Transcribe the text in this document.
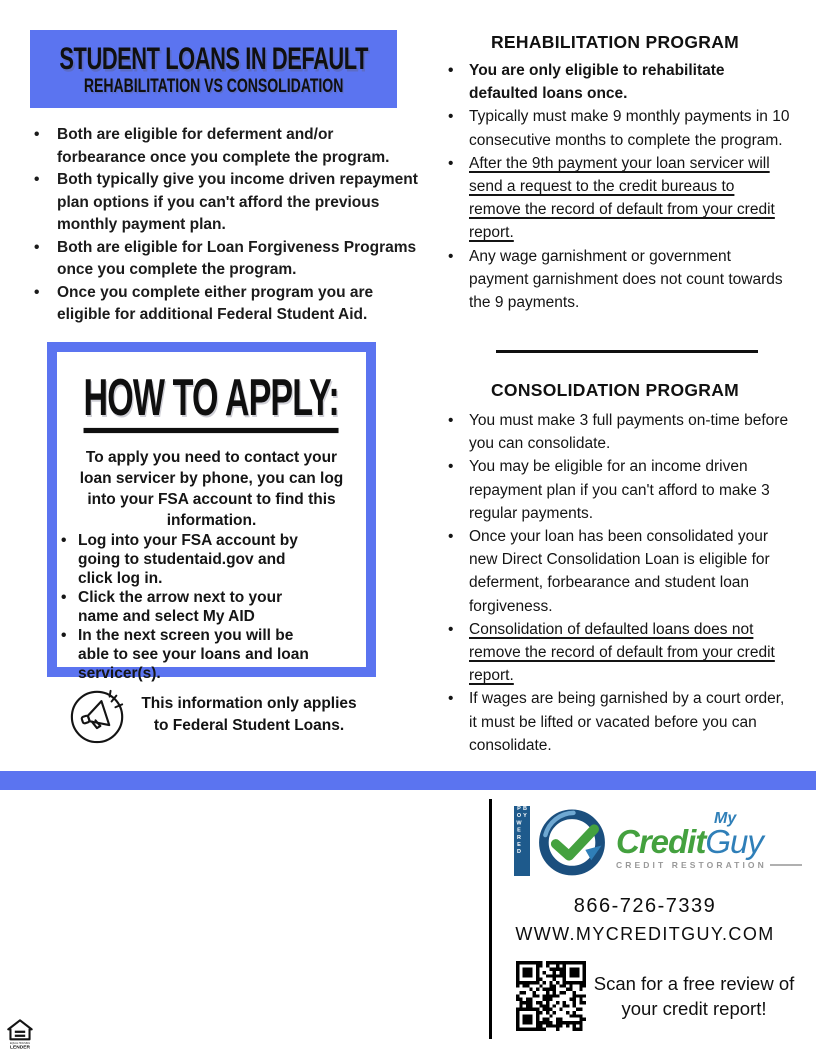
STUDENT LOANS IN DEFAULT
REHABILITATION VS CONSOLIDATION
• Both are eligible for deferment and/or forbearance once you complete the program.
• Both typically give you income driven repayment plan options if you can't afford the previous monthly payment plan.
• Both are eligible for Loan Forgiveness Programs once you complete the program.
• Once you complete either program you are eligible for additional Federal Student Aid.
HOW TO APPLY:

To apply you need to contact your loan servicer by phone, you can log into your FSA account to find this information.

• Log into your FSA account by going to studentaid.gov and click log in.
• Click the arrow next to your name and select My AID
• In the next screen you will be able to see your loans and loan servicer(s).

This information only applies to Federal Student Loans.

REHABILITATION PROGRAM
• You are only eligible to rehabilitate defaulted loans once.
• Typically must make 9 monthly payments in 10 consecutive months to complete the program.
• After the 9th payment your loan servicer will send a request to the credit bureaus to remove the record of default from your credit report.
• Any wage garnishment or government payment garnishment does not count towards the 9 payments.
CONSOLIDATION PROGRAM
• You must make 3 full payments on-time before you can consolidate.
• You may be eligible for an income driven repayment plan if you can't afford to make 3 regular payments.
• Once your loan has been consolidated your new Direct Consolidation Loan is eligible for deferment, forbearance and student loan forgiveness.
• Consolidation of defaulted loans does not remove the record of default from your credit report.
• If wages are being garnished by a court order, it must be lifted or vacated before you can consolidate.
POWERED BY	My
CreditGuy
CREDIT RESTORATION
866-726-7339
WWW.MYCREDITGUY.COM

Scan for a free review of your credit report!

EQUAL HOUSING
LENDER
